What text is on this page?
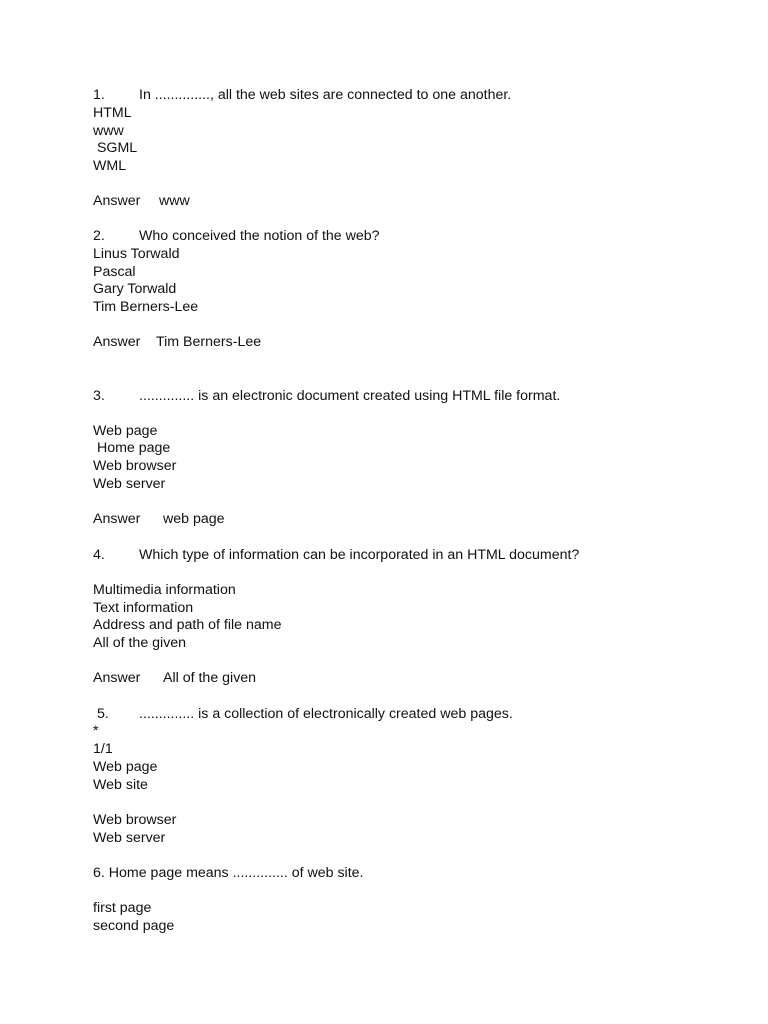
1. In .............., all the web sites are connected to one another.
HTML
www
SGML
WML
Answer www
2. Who conceived the notion of the web?
Linus Torwald
Pascal
Gary Torwald
Tim Berners-Lee
Answer Tim Berners-Lee
3. .............. is an electronic document created using HTML file format.
Web page
Home page
Web browser
Web server
Answer web page
4. Which type of information can be incorporated in an HTML document?
Multimedia information
Text information
Address and path of file name
All of the given
Answer All of the given
5. .............. is a collection of electronically created web pages.
*
1/1
Web page
Web site
Web browser
Web server
6. Home page means .............. of web site.
first page
second page
